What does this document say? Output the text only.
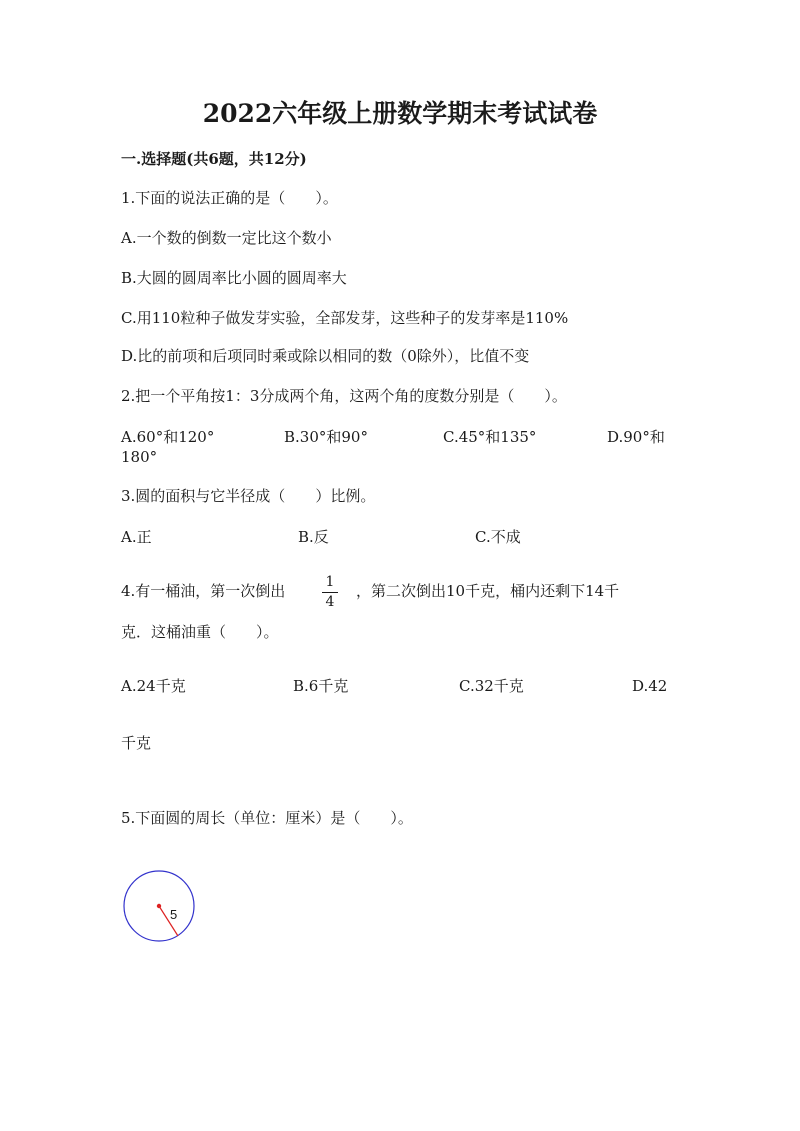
2022六年级上册数学期末考试试卷
一.选择题(共6题，共12分)
1.下面的说法正确的是（　　）。
A.一个数的倒数一定比这个数小
B.大圆的圆周率比小圆的圆周率大
C.用110粒种子做发芽实验，全部发芽，这些种子的发芽率是110%
D.比的前项和后项同时乘或除以相同的数（0除外），比值不变
2.把一个平角按1：3分成两个角，这两个角的度数分别是（　　）。
A.60°和120°	B.30°和90°	C.45°和135°	D.90°和
180°
3.圆的面积与它半径成（　　）比例。
A.正	B.反	C.不成
4.有一桶油，第一次倒出	1
4
，第二次倒出10千克，桶内还剩下14千
克．这桶油重（　　）。
A.24千克	B.6千克	C.32千克	D.42
千克
5.下面圆的周长（单位：厘米）是（　　）。
5
